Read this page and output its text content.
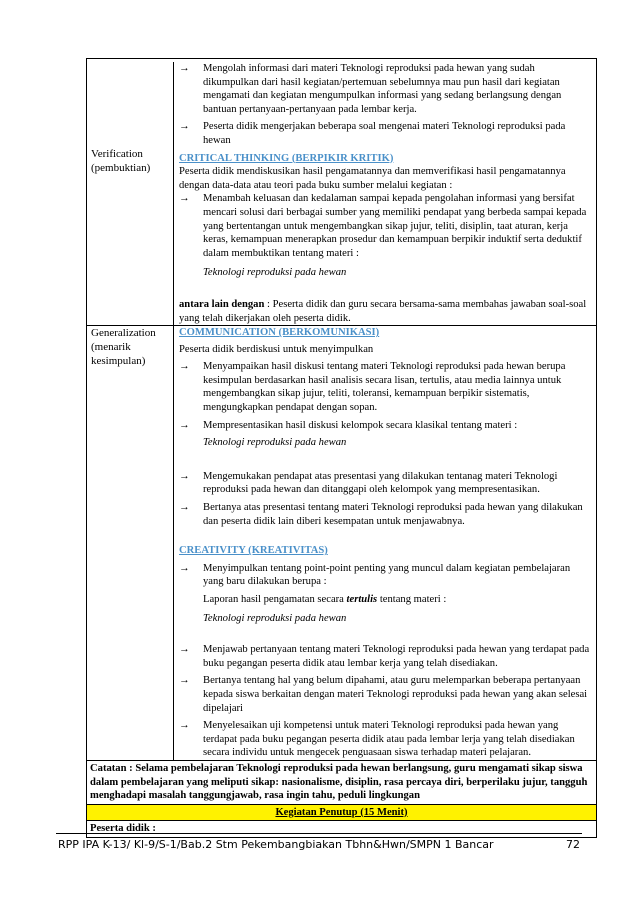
Verification
(pembuktian)
→ Mengolah informasi dari materi Teknologi reproduksi pada hewan yang sudah dikumpulkan dari hasil kegiatan/pertemuan sebelumnya mau pun hasil dari kegiatan mengamati dan kegiatan mengumpulkan informasi yang sedang berlangsung dengan bantuan pertanyaan-pertanyaan pada lembar kerja.
→ Peserta didik mengerjakan beberapa soal mengenai materi Teknologi reproduksi pada hewan
CRITICAL THINKING (BERPIKIR KRITIK)
Peserta didik mendiskusikan hasil pengamatannya dan memverifikasi hasil pengamatannya dengan data-data atau teori pada buku sumber melalui kegiatan :
→ Menambah keluasan dan kedalaman sampai kepada pengolahan informasi yang bersifat mencari solusi dari berbagai sumber yang memiliki pendapat yang berbeda sampai kepada yang bertentangan untuk mengembangkan sikap jujur, teliti, disiplin, taat aturan, kerja keras, kemampuan menerapkan prosedur dan kemampuan berpikir induktif serta deduktif dalam membuktikan tentang materi :
Teknologi reproduksi pada hewan
antara lain dengan : Peserta didik dan guru secara bersama-sama membahas jawaban soal-soal yang telah dikerjakan oleh peserta didik.
Generalization
(menarik
kesimpulan)
COMMUNICATION (BERKOMUNIKASI)
Peserta didik berdiskusi untuk menyimpulkan
→ Menyampaikan hasil diskusi tentang materi Teknologi reproduksi pada hewan berupa kesimpulan berdasarkan hasil analisis secara lisan, tertulis, atau media lainnya untuk mengembangkan sikap jujur, teliti, toleransi, kemampuan berpikir sistematis, mengungkapkan pendapat dengan sopan.
→ Mempresentasikan hasil diskusi kelompok secara klasikal tentang materi :
Teknologi reproduksi pada hewan
→ Mengemukakan pendapat atas presentasi yang dilakukan tentanag materi Teknologi reproduksi pada hewan dan ditanggapi oleh kelompok yang mempresentasikan.
→ Bertanya atas presentasi tentang materi Teknologi reproduksi pada hewan yang dilakukan dan peserta didik lain diberi kesempatan untuk menjawabnya.
CREATIVITY (KREATIVITAS)
→ Menyimpulkan tentang point-point penting yang muncul dalam kegiatan pembelajaran yang baru dilakukan berupa :
Laporan hasil pengamatan secara tertulis tentang materi :
Teknologi reproduksi pada hewan
→ Menjawab pertanyaan tentang materi Teknologi reproduksi pada hewan yang terdapat pada buku pegangan peserta didik atau lembar kerja yang telah disediakan.
→ Bertanya tentang hal yang belum dipahami, atau guru melemparkan beberapa pertanyaan kepada siswa berkaitan dengan materi Teknologi reproduksi pada hewan yang akan selesai dipelajari
→ Menyelesaikan uji kompetensi untuk materi Teknologi reproduksi pada hewan yang terdapat pada buku pegangan peserta didik atau pada lembar lerja yang telah disediakan secara individu untuk mengecek penguasaan siswa terhadap materi pelajaran.
Catatan : Selama pembelajaran Teknologi reproduksi pada hewan berlangsung, guru mengamati sikap siswa dalam pembelajaran yang meliputi sikap: nasionalisme, disiplin, rasa percaya diri, berperilaku jujur, tangguh menghadapi masalah tanggungjawab, rasa ingin tahu, peduli lingkungan
Kegiatan Penutup (15 Menit)
Peserta didik :
RPP IPA K-13/ Kl-9/S-1/Bab.2 Stm Pekembangbiakan Tbhn&Hwn/SMPN 1 Bancar	72
